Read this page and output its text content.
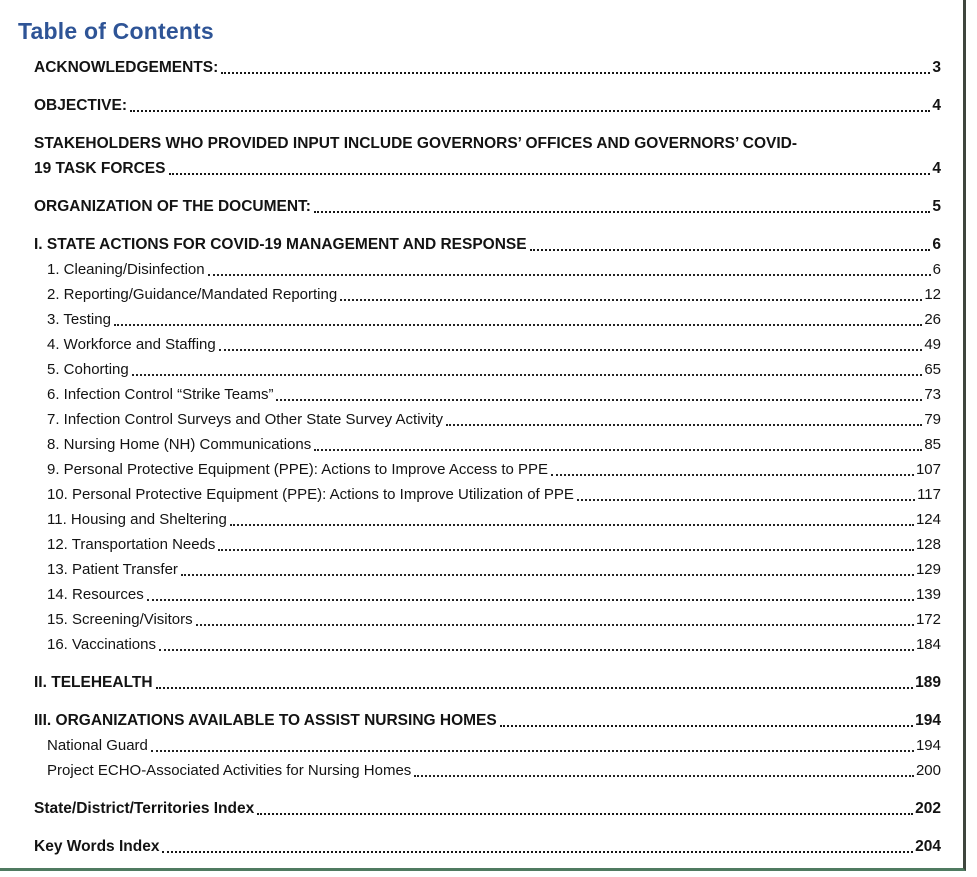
Table of Contents
ACKNOWLEDGEMENTS:	3
OBJECTIVE:	4
STAKEHOLDERS WHO PROVIDED INPUT INCLUDE GOVERNORS’ OFFICES AND GOVERNORS’ COVID-
19 TASK FORCES	4
ORGANIZATION OF THE DOCUMENT:	5
I. STATE ACTIONS FOR COVID-19 MANAGEMENT AND RESPONSE	6
1. Cleaning/Disinfection	6
2. Reporting/Guidance/Mandated Reporting	12
3. Testing	26
4. Workforce and Staffing	49
5. Cohorting	65
6. Infection Control “Strike Teams”	73
7. Infection Control Surveys and Other State Survey Activity	79
8. Nursing Home (NH) Communications	85
9. Personal Protective Equipment (PPE): Actions to Improve Access to PPE	107
10. Personal Protective Equipment (PPE): Actions to Improve Utilization of PPE	117
11. Housing and Sheltering	124
12. Transportation Needs	128
13. Patient Transfer	129
14. Resources	139
15. Screening/Visitors	172
16. Vaccinations	184
II. TELEHEALTH	189
III. ORGANIZATIONS AVAILABLE TO ASSIST NURSING HOMES	194
National Guard	194
Project ECHO-Associated Activities for Nursing Homes	200
State/District/Territories Index	202
Key Words Index	204
